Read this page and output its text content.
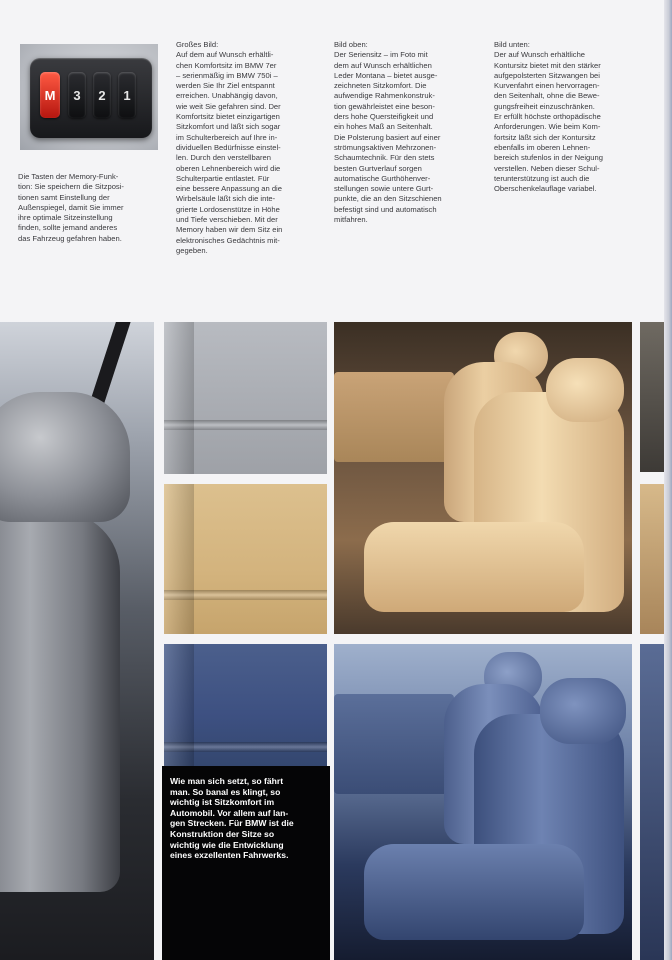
M	3	2	1

Die Tasten der Memory-Funk-
tion: Sie speichern die Sitzposi-
tionen samt Einstellung der
Außenspiegel, damit Sie immer
ihre optimale Sitzeinstellung
finden, sollte jemand anderes
das Fahrzeug gefahren haben.

Großes Bild:
Auf dem auf Wunsch erhältli-
chen Komfortsitz im BMW 7er
– serienmäßig im BMW 750i –
werden Sie Ihr Ziel entspannt
erreichen. Unabhängig davon,
wie weit Sie gefahren sind. Der
Komfortsitz bietet einzigartigen
Sitzkomfort und läßt sich sogar
im Schulterbereich auf Ihre in-
dividuellen Bedürfnisse einstel-
len. Durch den verstellbaren
oberen Lehnenbereich wird die
Schulterpartie entlastet. Für
eine bessere Anpassung an die
Wirbelsäule läßt sich die inte-
grierte Lordosenstütze in Höhe
und Tiefe verschieben. Mit der
Memory haben wir dem Sitz ein
elektronisches Gedächtnis mit-
gegeben.

Bild oben:
Der Seriensitz – im Foto mit
dem auf Wunsch erhältlichen
Leder Montana – bietet ausge-
zeichneten Sitzkomfort. Die
aufwendige Rahmenkonstruk-
tion gewährleistet eine beson-
ders hohe Quersteifigkeit und
ein hohes Maß an Seitenhalt.
Die Polsterung basiert auf einer
strömungsaktiven Mehrzonen-
Schaumtechnik. Für den stets
besten Gurtverlauf sorgen
automatische Gurthöhenver-
stellungen sowie untere Gurt-
punkte, die an den Sitzschienen
befestigt sind und automatisch
mitfahren.

Bild unten:
Der auf Wunsch erhältliche
Kontursitz bietet mit den stärker
aufgepolsterten Sitzwangen bei
Kurvenfahrt einen hervorragen-
den Seitenhalt, ohne die Bewe-
gungsfreiheit einzuschränken.
Er erfüllt höchste orthopädische
Anforderungen. Wie beim Kom-
fortsitz läßt sich der Kontursitz
ebenfalls im oberen Lehnen-
bereich stufenlos in der Neigung
verstellen. Neben dieser Schul-
terunterstützung ist auch die
Oberschenkelauflage variabel.

Wie man sich setzt, so fährt
man. So banal es klingt, so
wichtig ist Sitzkomfort im
Automobil. Vor allem auf lan-
gen Strecken. Für BMW ist die
Konstruktion der Sitze so
wichtig wie die Entwicklung
eines exzellenten Fahrwerks.
